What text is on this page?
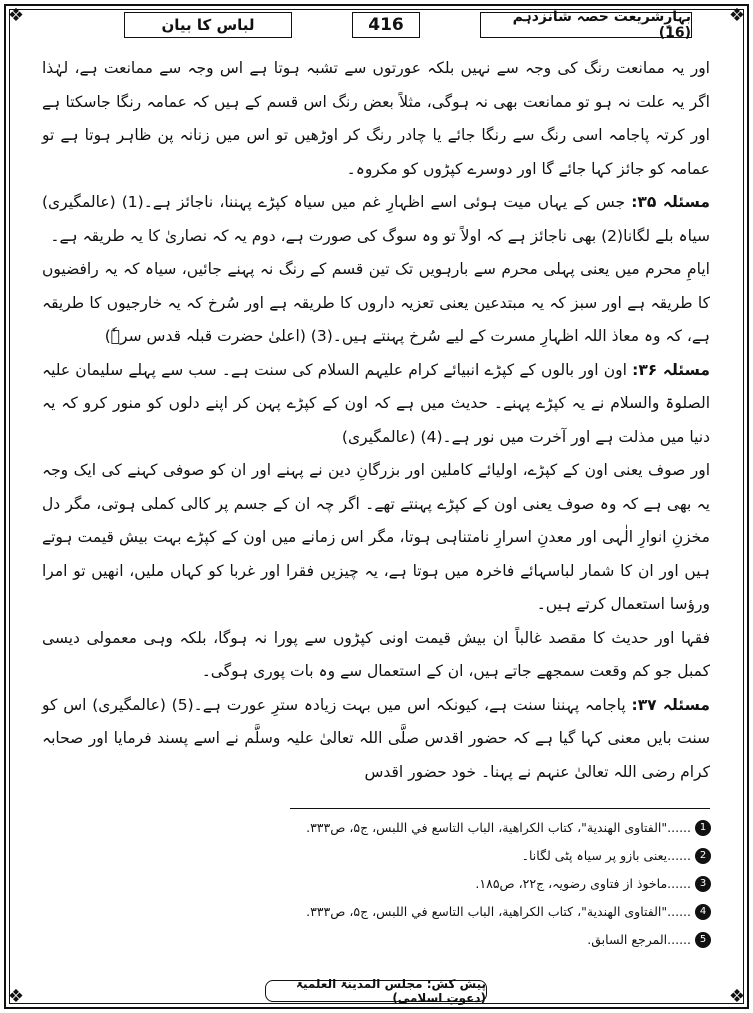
❖	❖
❖	❖
لباس کا بیان	416	بہارِشریعت حصہ شانزدہم (16)

اور یہ ممانعت رنگ کی وجہ سے نہیں بلکہ عورتوں سے تشبہ ہوتا ہے اس وجہ سے ممانعت ہے، لہٰذا اگر یہ علت نہ ہو تو ممانعت بھی نہ ہوگی، مثلاً بعض رنگ اس قسم کے ہیں کہ عمامہ رنگا جاسکتا ہے اور کرتہ پاجامہ اسی رنگ سے رنگا جائے یا چادر رنگ کر اوڑھیں تو اس میں زنانہ پن ظاہر ہوتا ہے تو عمامہ کو جائز کہا جائے گا اور دوسرے کپڑوں کو مکروہ۔

مسئلہ ۳۵: جس کے یہاں میت ہوئی اسے اظہارِ غم میں سیاہ کپڑے پہننا، ناجائز ہے۔(1) (عالمگیری) سیاہ بلے لگانا(2) بھی ناجائز ہے کہ اولاً تو وہ سوگ کی صورت ہے، دوم یہ کہ نصاریٰ کا یہ طریقہ ہے۔

ایامِ محرم میں یعنی پہلی محرم سے بارہویں تک تین قسم کے رنگ نہ پہنے جائیں، سیاہ کہ یہ رافضیوں کا طریقہ ہے اور سبز کہ یہ مبتدعین یعنی تعزیہ داروں کا طریقہ ہے اور سُرخ کہ یہ خارجیوں کا طریقہ ہے، کہ وہ معاذ اللہ اظہارِ مسرت کے لیے سُرخ پہنتے ہیں۔(3) (اعلیٰ حضرت قبلہ قدس سرہٗ)

مسئلہ ۳۶: اون اور بالوں کے کپڑے انبیائے کرام علیہم السلام کی سنت ہے۔ سب سے پہلے سلیمان علیہ الصلوۃ والسلام نے یہ کپڑے پہنے۔ حدیث میں ہے کہ اون کے کپڑے پہن کر اپنے دلوں کو منور کرو کہ یہ دنیا میں مذلت ہے اور آخرت میں نور ہے۔(4) (عالمگیری)

اور صوف یعنی اون کے کپڑے، اولیائے کاملین اور بزرگانِ دین نے پہنے اور ان کو صوفی کہنے کی ایک وجہ یہ بھی ہے کہ وہ صوف یعنی اون کے کپڑے پہنتے تھے۔ اگر چہ ان کے جسم پر کالی کملی ہوتی، مگر دل مخزنِ انوارِ الٰہی اور معدنِ اسرارِ نامتناہی ہوتا، مگر اس زمانے میں اون کے کپڑے بہت بیش قیمت ہوتے ہیں اور ان کا شمار لباسہائے فاخرہ میں ہوتا ہے، یہ چیزیں فقرا اور غربا کو کہاں ملیں، انھیں تو امرا ورؤسا استعمال کرتے ہیں۔

فقہا اور حدیث کا مقصد غالباً ان بیش قیمت اونی کپڑوں سے پورا نہ ہوگا، بلکہ وہی معمولی دیسی کمبل جو کم وقعت سمجھے جاتے ہیں، ان کے استعمال سے وہ بات پوری ہوگی۔

مسئلہ ۳۷: پاجامہ پہننا سنت ہے، کیونکہ اس میں بہت زیادہ سترِ عورت ہے۔(5) (عالمگیری) اس کو سنت بایں معنی کہا گیا ہے کہ حضور اقدس صلَّی اللہ تعالیٰ علیہ وسلَّم نے اسے پسند فرمایا اور صحابہ کرام رضی اللہ تعالیٰ عنہم نے پہنا۔ خود حضور اقدس

1
......"الفتاوی الهندیة"، کتاب الکراهیة، الباب التاسع في اللبس، ج۵، ص۳۳۳.
2
......یعنی بازو پر سیاہ پٹی لگانا۔
3
......ماخوذ از فتاوی رضویہ، ج۲۲، ص۱۸۵.
4
......"الفتاوی الهندیة"، کتاب الکراهیة، الباب التاسع في اللبس، ج۵، ص۳۳۳.
5
......المرجع السابق.
پیش کش: مجلس المدینۃ العلمیۃ (دعوتِ اسلامی)
